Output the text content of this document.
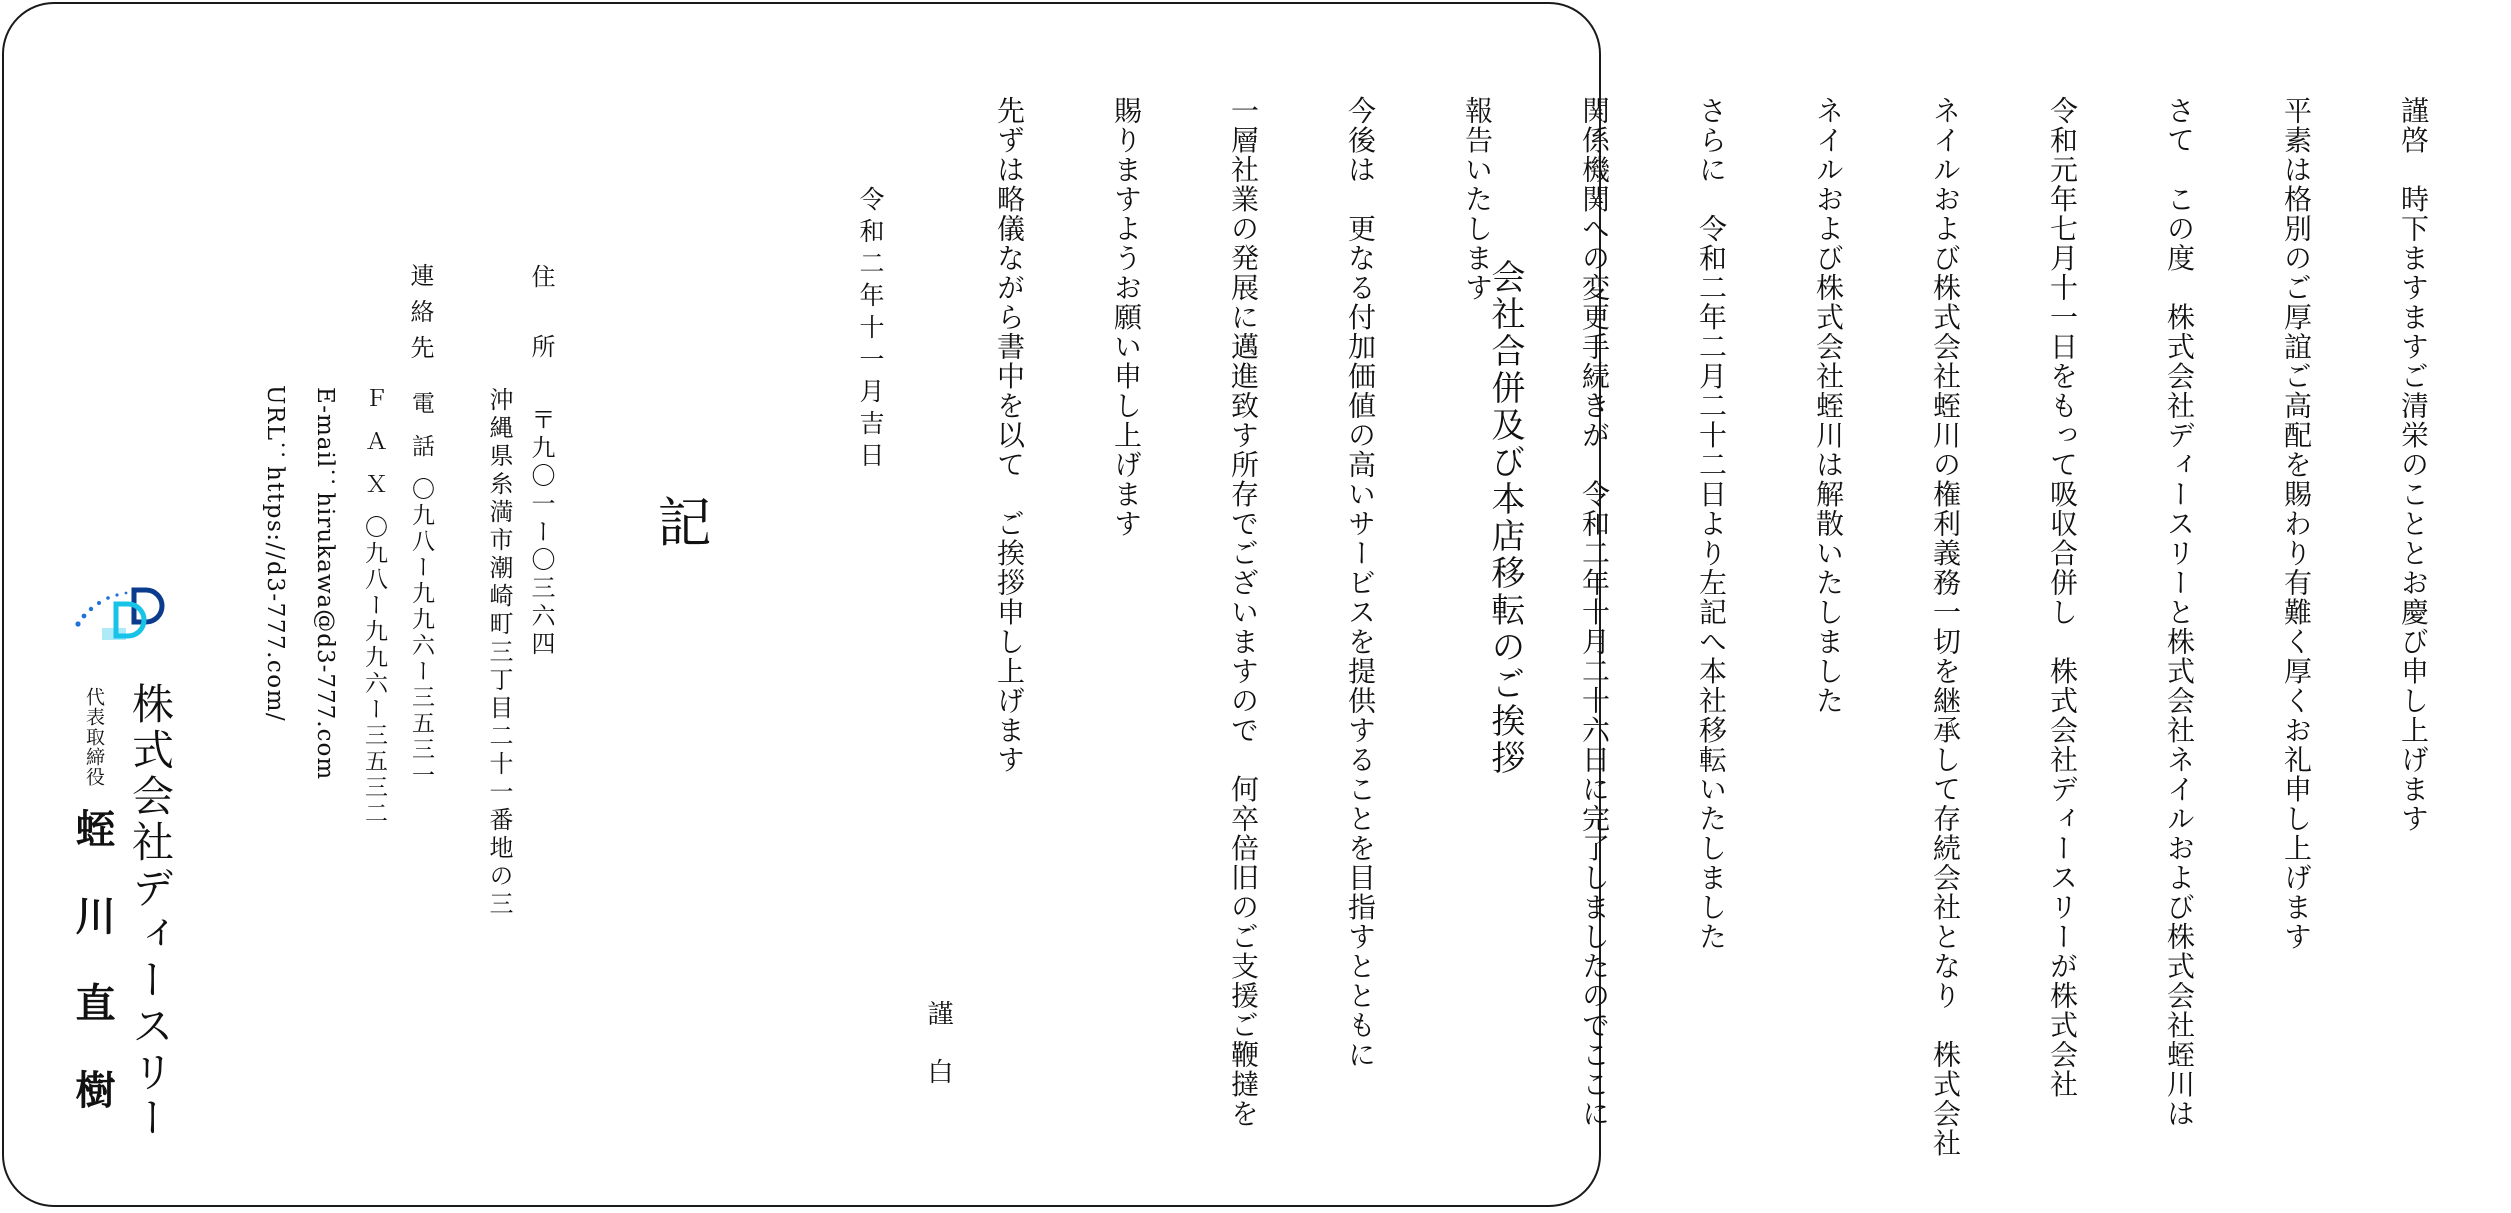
会社合併及び本店移転のご挨拶

	謹啓　時下ますますご清栄のこととお慶び申し上げます

平素は格別のご厚誼ご高配を賜わり有難く厚くお礼申し上げます

さて　この度　株式会社ディースリーと株式会社ネイルおよび株式会社蛭川は

令和元年七月十一日をもって吸収合併し　株式会社ディースリーが株式会社

ネイルおよび株式会社蛭川の権利義務一切を継承して存続会社となり　株式会社

ネイルおよび株式会社蛭川は解散いたしました

さらに　令和二年二月二十二日より左記へ本社移転いたしました

関係機関への変更手続きが　令和二年十月二十六日に完了しましたのでここに

報告いたします

今後は　更なる付加価値の高いサービスを提供することを目指すとともに

一層社業の発展に邁進致す所存でございますので　何卒倍旧のご支援ご鞭撻を

賜りますようお願い申し上げます

先ずは略儀ながら書中を以て　ご挨拶申し上げます

謹白
令和二年十一月吉日
記
住所
〒九〇一ー〇三六四
沖縄県糸満市潮崎町三丁目二十一番地の三
連絡先
電話〇九八ー九九六ー三五三一
ＦＡＸ〇九八ー九九六ー三五三二
E-mail：hirukawa@d3-777.com
URL：https://d3-777.com/
株式会社ディースリー
代表取締役
蛭川直樹
